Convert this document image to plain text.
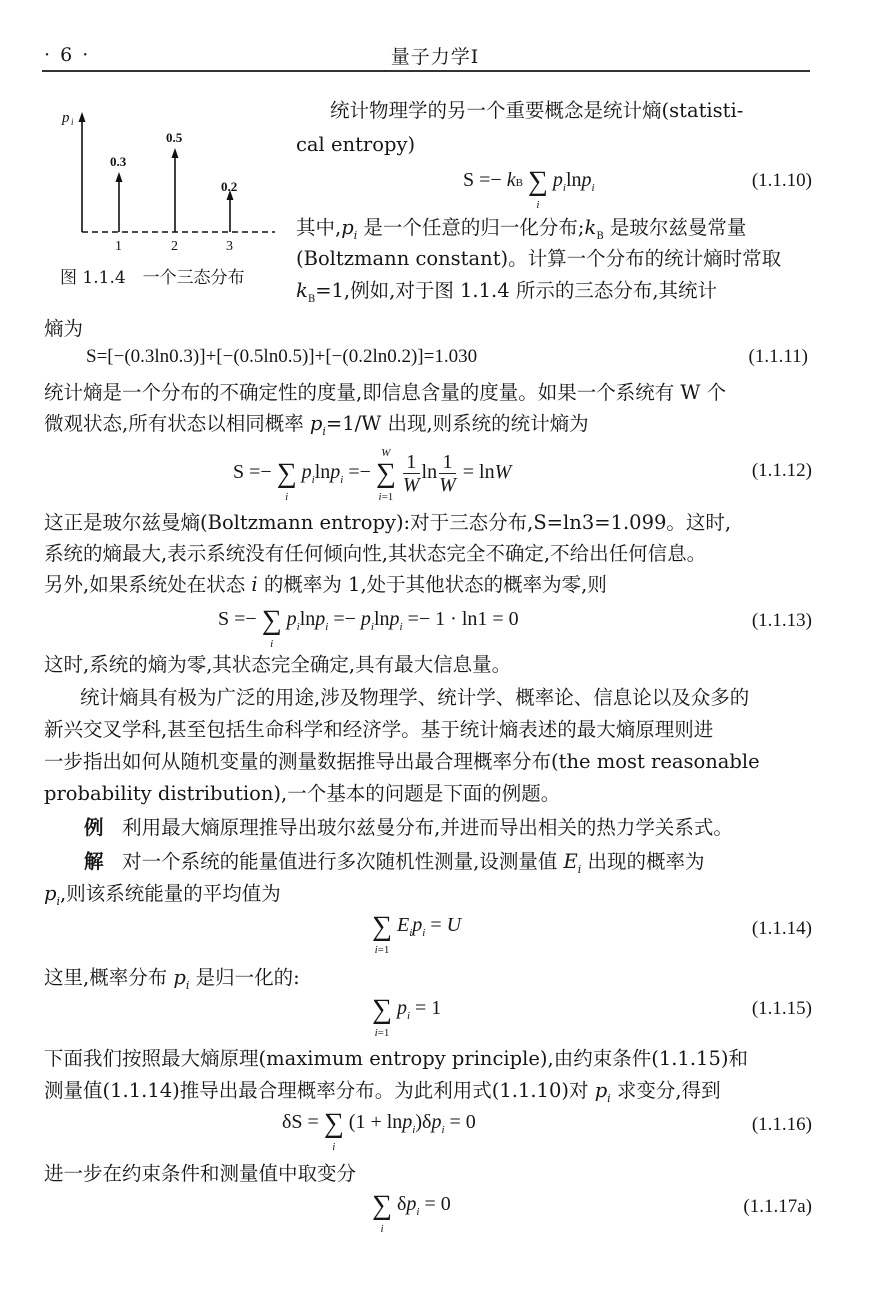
· 6 ·	量子力学Ⅰ
p i
0.3
0.5
0.2
1	2	3
图 1.1.4　一个三态分布
统计物理学的另一个重要概念是统计熵(statisti-
cal entropy)
S =− kB ∑
i
$p_i\ln p_i$	(1.1.10)
其中$,p_i$ 是一个任意的归一化分布$;k_B$ 是玻尔兹曼常量
(Boltzmann constant)。计算一个分布的统计熵时常取
$k_B=1$,例如,对于图 1.1.4 所示的三态分布,其统计
熵为
S=[−(0.3ln0.3)]+[−(0.5ln0.5)]+[−(0.2ln0.2)]=1.030	(1.1.11)
统计熵是一个分布的不确定性的度量,即信息含量的度量。如果一个系统有 W 个
微观状态,所有状态以相同概率 $p_i=1/W$ 出现,则系统的统计熵为
S =− ∑
i
$p_i\ln p_i$ =− ∑
W
i=1

$\frac{1}{W}$ $\ln \frac{1}{W} = \ln W$	(1.1.12)
这正是玻尔兹曼熵(Boltzmann entropy):对于三态分布,S=ln3=1.099。这时,
系统的熵最大,表示系统没有任何倾向性,其状态完全不确定,不给出任何信息。
另外,如果系统处在状态 i 的概率为 1,处于其他状态的概率为零,则
S =− ∑
i
$p_i\ln p_i =- p_i\ln p_i =- 1 \cdot \ln 1 = 0$	(1.1.13)
这时,系统的熵为零,其状态完全确定,具有最大信息量。
统计熵具有极为广泛的用途,涉及物理学、统计学、概率论、信息论以及众多的
新兴交叉学科,甚至包括生命科学和经济学。基于统计熵表述的最大熵原理则进
一步指出如何从随机变量的测量数据推导出最合理概率分布(the most reasonable
probability distribution),一个基本的问题是下面的例题。
例 利用最大熵原理推导出玻尔兹曼分布,并进而导出相关的热力学关系式。
解 对一个系统的能量值进行多次随机性测量,设测量值 $E_i$ 出现的概率为
$p_i$,则该系统能量的平均值为
∑
i=1
$E_ip_i = U$	(1.1.14)
这里,概率分布 $p_i$ 是归一化的:
∑
i=1
$p_i = 1$	(1.1.15)
下面我们按照最大熵原理(maximum entropy principle),由约束条件(1.1.15)和
测量值(1.1.14)推导出最合理概率分布。为此利用式(1.1.10)对 $p_i$ 求变分,得到
δS = ∑
i
$(1 + \ln p_i)\delta p_i = 0$	(1.1.16)
进一步在约束条件和测量值中取变分
∑
i
$\delta p_i = 0$	(1.1.17a)
